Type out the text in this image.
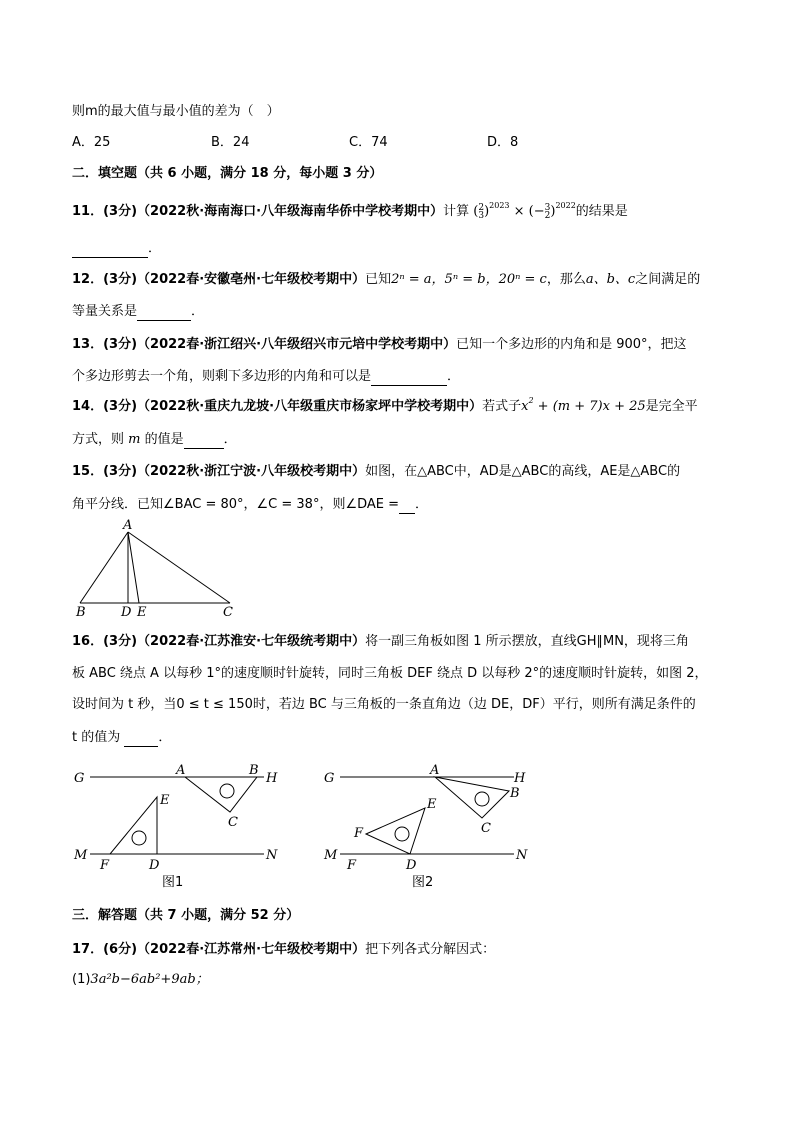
则m的最大值与最小值的差为（　）
A．25	B．24	C．74	D．8
二．填空题（共 6 小题，满分 18 分，每小题 3 分）
11．(3分)（2022秋·海南海口·八年级海南华侨中学校考期中）计算 (2
3)$^{2023}$ × (−3
2)$^{2022}$的结果是
．
12．(3分)（2022春·安徽亳州·七年级校考期中）已知2ⁿ = a，5ⁿ = b，20ⁿ = c，那么a、b、c之间满足的
等量关系是	．
13．(3分)（2022春·浙江绍兴·八年级绍兴市元培中学校考期中）已知一个多边形的内角和是 900°，把这
个多边形剪去一个角，则剩下多边形的内角和可以是	．
14．(3分)（2022秋·重庆九龙坡·八年级重庆市杨家坪中学校考期中）若式子$x^2 + (m + 7)x + 25$是完全平
方式，则 m 的值是	．
15．(3分)（2022秋·浙江宁波·八年级校考期中）如图，在△ABC中，AD是△ABC的高线，AE是△ABC的
角平分线．已知∠BAC = 80°，∠C = 38°，则∠DAE = ．
A
B	D E	C
16．(3分)（2022春·江苏淮安·七年级统考期中）将一副三角板如图 1 所示摆放，直线GH∥MN，现将三角
板 ABC 绕点 A 以每秒 1°的速度顺时针旋转，同时三角板 DEF 绕点 D 以每秒 2°的速度顺时针旋转，如图 2，
设时间为 t 秒，当0 ≤ t ≤ 150时，若边 BC 与三角板的一条直角边（边 DE，DF）平行，则所有满足条件的
t 的值为	．
G	H
A	B
C
E
F	D
M	N
图1
G	H
A
B
C
E
F
D
F
M	N
图2
三．解答题（共 7 小题，满分 52 分）
17．(6分)（2022春·江苏常州·七年级校考期中）把下列各式分解因式：
(1)3a²b−6ab²+9ab；
